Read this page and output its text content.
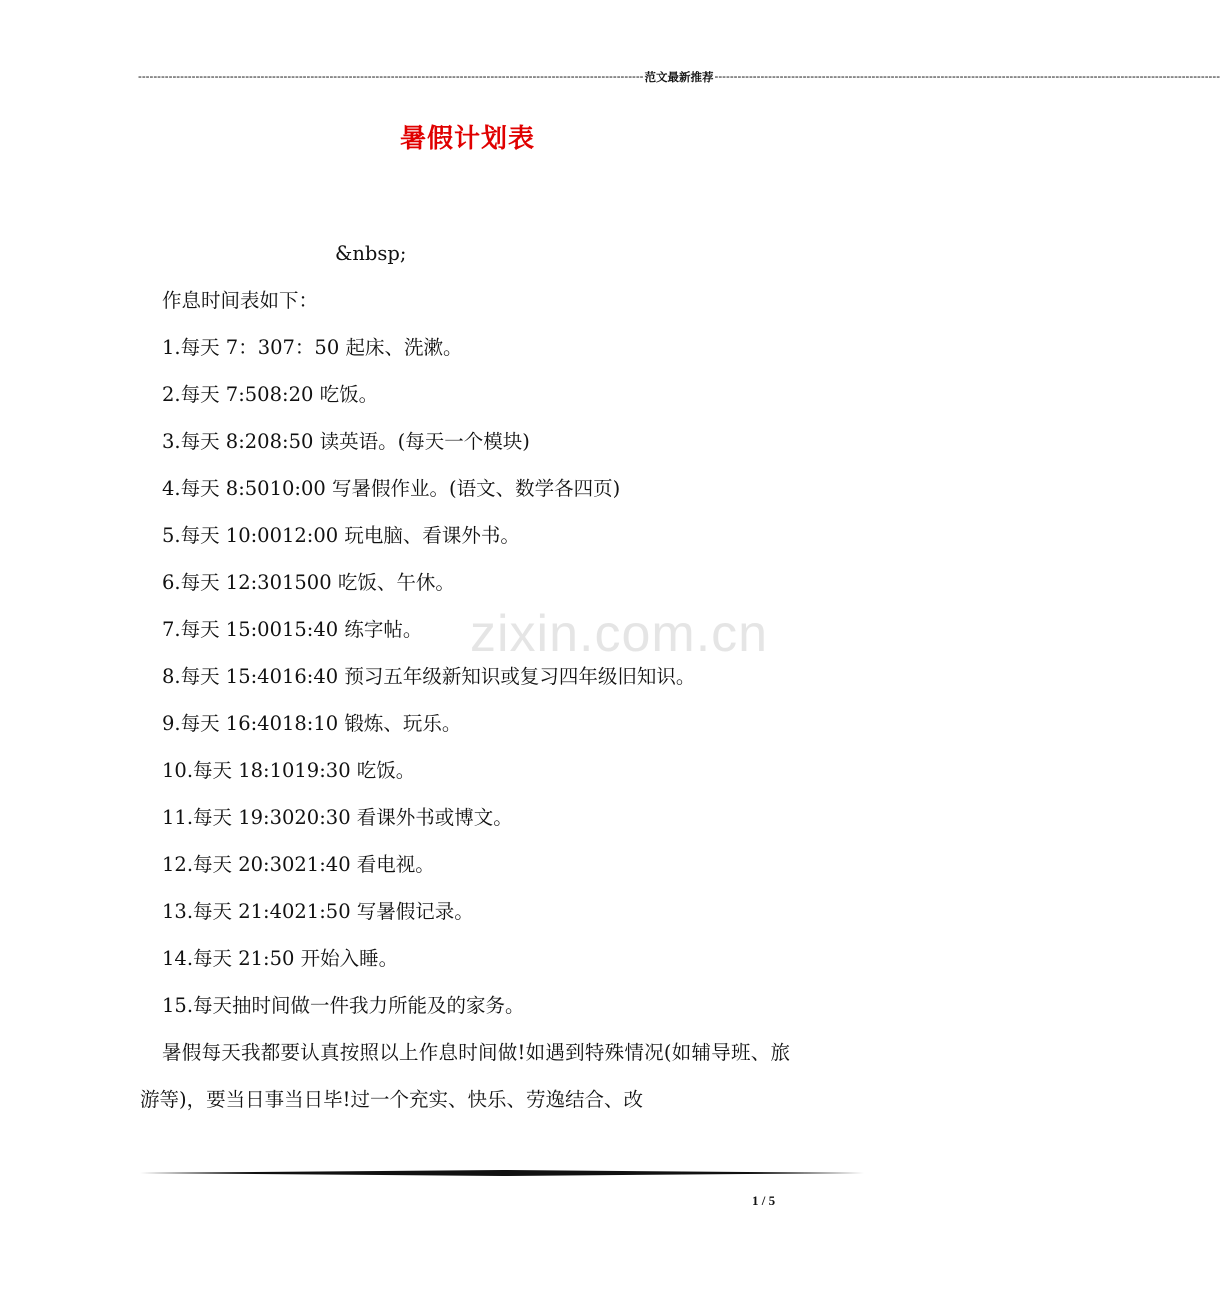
------------------------------------------------------------------------------------------------------------------------------------ 范文最新推荐 ------------------------------------------------------------------------------------------------------------------------------------
暑假计划表
zixin.com.cn

&nbsp;

作息时间表如下：

1.每天 7：307：50 起床、洗漱。

2.每天 7:508:20 吃饭。

3.每天 8:208:50 读英语。(每天一个模块)

4.每天 8:5010:00 写暑假作业。(语文、数学各四页)

5.每天 10:0012:00 玩电脑、看课外书。

6.每天 12:301500 吃饭、午休。

7.每天 15:0015:40 练字帖。

8.每天 15:4016:40 预习五年级新知识或复习四年级旧知识。

9.每天 16:4018:10 锻炼、玩乐。

10.每天 18:1019:30 吃饭。

11.每天 19:3020:30 看课外书或博文。

12.每天 20:3021:40 看电视。

13.每天 21:4021:50 写暑假记录。

14.每天 21:50 开始入睡。

15.每天抽时间做一件我力所能及的家务。

暑假每天我都要认真按照以上作息时间做!如遇到特殊情况(如辅导班、旅游等)，要当日事当日毕!过一个充实、快乐、劳逸结合、改

1 / 5
